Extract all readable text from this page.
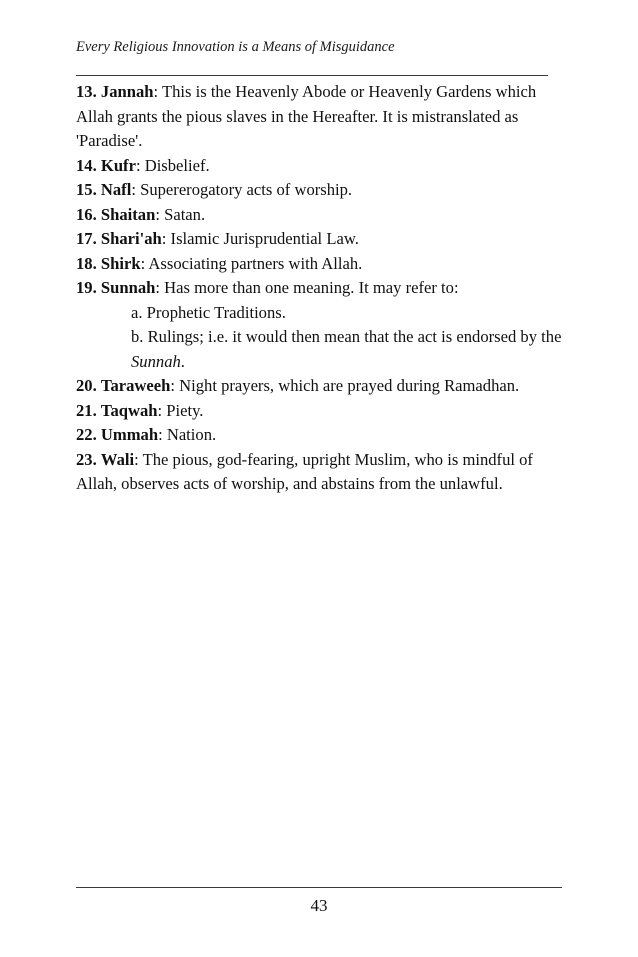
Every Religious Innovation is a Means of Misguidance

13. Jannah: This is the Heavenly Abode or Heavenly Gardens which Allah grants the pious slaves in the Hereafter. It is mistranslated as 'Paradise'.

14. Kufr: Disbelief.

15. Nafl: Supererogatory acts of worship.

16. Shaitan: Satan.

17. Shari'ah: Islamic Jurisprudential Law.

18. Shirk: Associating partners with Allah.

19. Sunnah: Has more than one meaning. It may refer to:

a. Prophetic Traditions.

b. Rulings; i.e. it would then mean that the act is endorsed by the Sunnah.

20. Taraweeh: Night prayers, which are prayed during Ramadhan.

21. Taqwah: Piety.

22. Ummah: Nation.

23. Wali: The pious, god-fearing, upright Muslim, who is mindful of Allah, observes acts of worship, and abstains from the unlawful.

43
